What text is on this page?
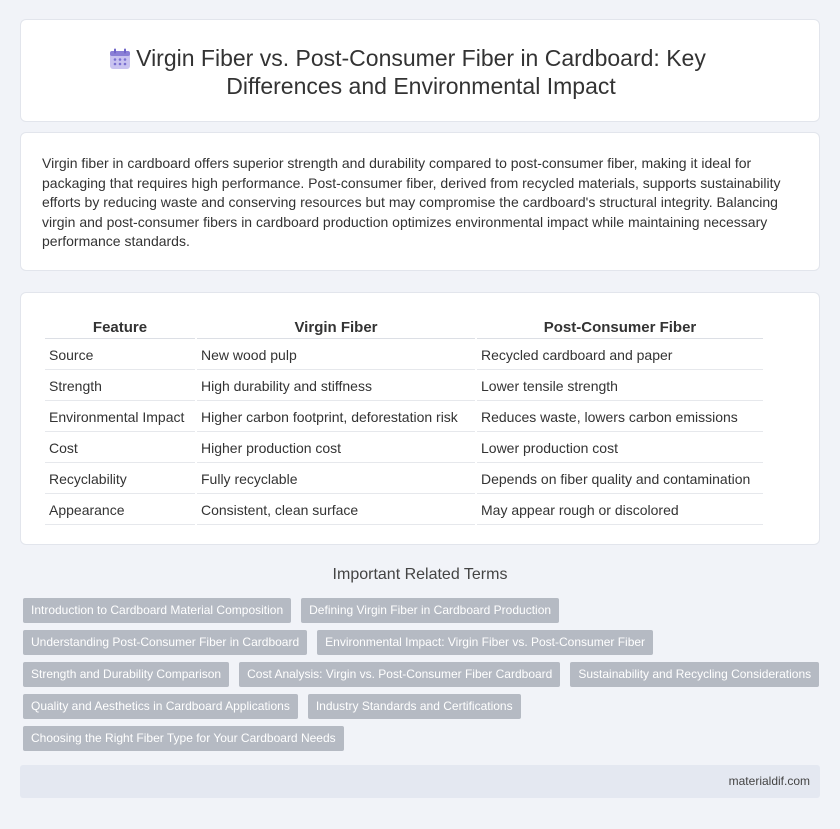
Virgin Fiber vs. Post-Consumer Fiber in Cardboard: Key Differences and Environmental Impact

Virgin fiber in cardboard offers superior strength and durability compared to post-consumer fiber, making it ideal for packaging that requires high performance. Post-consumer fiber, derived from recycled materials, supports sustainability efforts by reducing waste and conserving resources but may compromise the cardboard's structural integrity. Balancing virgin and post-consumer fibers in cardboard production optimizes environmental impact while maintaining necessary performance standards.

Feature	Virgin Fiber	Post-Consumer Fiber
Source	New wood pulp	Recycled cardboard and paper
Strength	High durability and stiffness	Lower tensile strength
Environmental Impact	Higher carbon footprint, deforestation risk	Reduces waste, lowers carbon emissions
Cost	Higher production cost	Lower production cost
Recyclability	Fully recyclable	Depends on fiber quality and contamination
Appearance	Consistent, clean surface	May appear rough or discolored
Important Related Terms
Introduction to Cardboard Material Composition	Defining Virgin Fiber in Cardboard Production
Understanding Post-Consumer Fiber in Cardboard	Environmental Impact: Virgin Fiber vs. Post-Consumer Fiber
Strength and Durability Comparison	Cost Analysis: Virgin vs. Post-Consumer Fiber Cardboard	Sustainability and Recycling Considerations
Quality and Aesthetics in Cardboard Applications	Industry Standards and Certifications
Choosing the Right Fiber Type for Your Cardboard Needs
materialdif.com
